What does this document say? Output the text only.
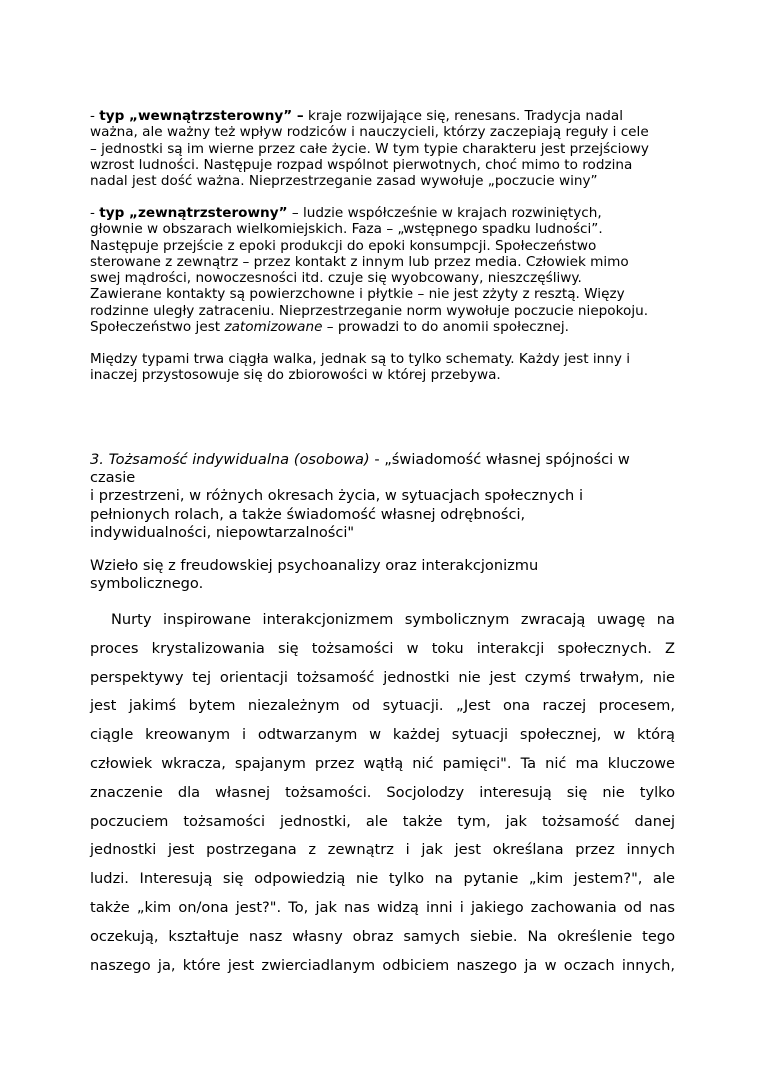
- typ „wewnątrzsterowny” – kraje rozwijające się, renesans. Tradycja nadal
ważna, ale ważny też wpływ rodziców i nauczycieli, którzy zaczepiają reguły i cele
– jednostki są im wierne przez całe życie. W tym typie charakteru jest przejściowy
wzrost ludności. Następuje rozpad wspólnot pierwotnych, choć mimo to rodzina
nadal jest dość ważna. Nieprzestrzeganie zasad wywołuje „poczucie winy”
- typ „zewnątrzsterowny” – ludzie współcześnie w krajach rozwiniętych,
głownie w obszarach wielkomiejskich. Faza – „wstępnego spadku ludności”.
Następuje przejście z epoki produkcji do epoki konsumpcji. Społeczeństwo
sterowane z zewnątrz – przez kontakt z innym lub przez media. Człowiek mimo
swej mądrości, nowoczesności itd. czuje się wyobcowany, nieszczęśliwy.
Zawierane kontakty są powierzchowne i płytkie – nie jest zżyty z resztą. Więzy
rodzinne uległy zatraceniu. Nieprzestrzeganie norm wywołuje poczucie niepokoju.
Społeczeństwo jest zatomizowane – prowadzi to do anomii społecznej.
Między typami trwa ciągła walka, jednak są to tylko schematy. Każdy jest inny i
inaczej przystosowuje się do zbiorowości w której przebywa.
3. Tożsamość indywidualna (osobowa) - „świadomość własnej spójności w
czasie
i przestrzeni, w różnych okresach życia, w sytuacjach społecznych i
pełnionych rolach, a także świadomość własnej odrębności,
indywidualności, niepowtarzalności"
Wzieło się z freudowskiej psychoanalizy oraz interakcjonizmu
symbolicznego.
Nurty inspirowane interakcjonizmem symbolicznym zwracają uwagę na
proces krystalizowania się tożsamości w toku interakcji społecznych. Z
perspektywy tej orientacji tożsamość jednostki nie jest czymś trwałym, nie
jest jakimś bytem niezależnym od sytuacji. „Jest ona raczej procesem,
ciągle kreowanym i odtwarzanym w każdej sytuacji społecznej, w którą
człowiek wkracza, spajanym przez wątłą nić pamięci". Ta nić ma kluczowe
znaczenie dla własnej tożsamości. Socjolodzy interesują się nie tylko
poczuciem tożsamości jednostki, ale także tym, jak tożsamość danej
jednostki jest postrzegana z zewnątrz i jak jest określana przez innych
ludzi. Interesują się odpowiedzią nie tylko na pytanie „kim jestem?", ale
także „kim on/ona jest?". To, jak nas widzą inni i jakiego zachowania od nas
oczekują, kształtuje nasz własny obraz samych siebie. Na określenie tego
naszego ja, które jest zwierciadlanym odbiciem naszego ja w oczach innych,
